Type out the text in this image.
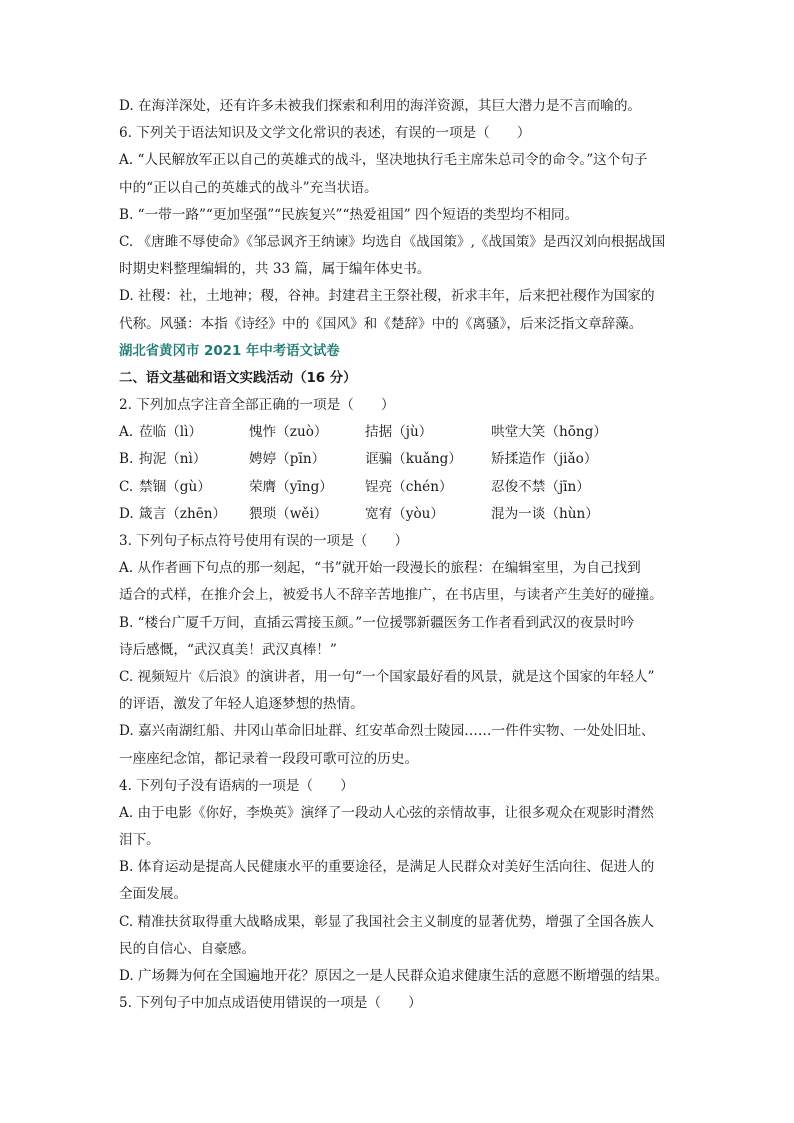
D. 在海洋深处，还有许多未被我们探索和利用的海洋资源，其巨大潜力是不言而喻的。
6. 下列关于语法知识及文学文化常识的表述，有误的一项是（　　）
A. “人民解放军正以自己的英雄式的战斗，坚决地执行毛主席朱总司令的命令。”这个句子
中的“正以自己的英雄式的战斗”充当状语。
B. “一带一路”“更加坚强”“民族复兴”“热爱祖国” 四个短语的类型均不相同。
C. 《唐雎不辱使命》《邹忌讽齐王纳谏》均选自《战国策》,《战国策》是西汉刘向根据战国
时期史料整理编辑的，共 33 篇，属于编年体史书。
D. 社稷：社，土地神；稷，谷神。封建君主王祭社稷，祈求丰年，后来把社稷作为国家的
代称。风骚：本指《诗经》中的《国风》和《楚辞》中的《离骚》，后来泛指文章辞藻。
湖北省黄冈市 2021 年中考语文试卷
二、语文基础和语文实践活动（16 分）
2. 下列加点字注音全部正确的一项是（　　）
A. 莅临（lì）	愧怍（zuò）	拮据（jù）	哄堂大笑（hōng）
B. 拘泥（nì）	娉婷（pīn）	诓骗（kuǎng）	矫揉造作（jiǎo）
C. 禁锢（gù）	荣膺（yīng）	锃亮（chén）	忍俊不禁（jīn）
D. 箴言（zhēn）	猥琐（wěi）	宽宥（yòu）	混为一谈（hùn）
3. 下列句子标点符号使用有误的一项是（　　）
A. 从作者画下句点的那一刻起，“书”就开始一段漫长的旅程：在编辑室里，为自己找到
适合的式样，在推介会上，被爱书人不辞辛苦地推广，在书店里，与读者产生美好的碰撞。
B. “楼台广厦千万间，直插云霄接玉颜。”一位援鄂新疆医务工作者看到武汉的夜景时吟
诗后感慨，“武汉真美！武汉真棒！”
C. 视频短片《后浪》的演讲者，用一句“一个国家最好看的风景，就是这个国家的年轻人”
的评语，激发了年轻人追逐梦想的热情。
D. 嘉兴南湖红船、井冈山革命旧址群、红安革命烈士陵园……一件件实物、一处处旧址、
一座座纪念馆，都记录着一段段可歌可泣的历史。
4. 下列句子没有语病的一项是（　　）
A. 由于电影《你好，李焕英》演绎了一段动人心弦的亲情故事，让很多观众在观影时潸然
泪下。
B. 体育运动是提高人民健康水平的重要途径，是满足人民群众对美好生活向往、促进人的
全面发展。
C. 精准扶贫取得重大战略成果，彰显了我国社会主义制度的显著优势，增强了全国各族人
民的自信心、自豪感。
D. 广场舞为何在全国遍地开花？原因之一是人民群众追求健康生活的意愿不断增强的结果。
5. 下列句子中加点成语使用错误的一项是（　　）
